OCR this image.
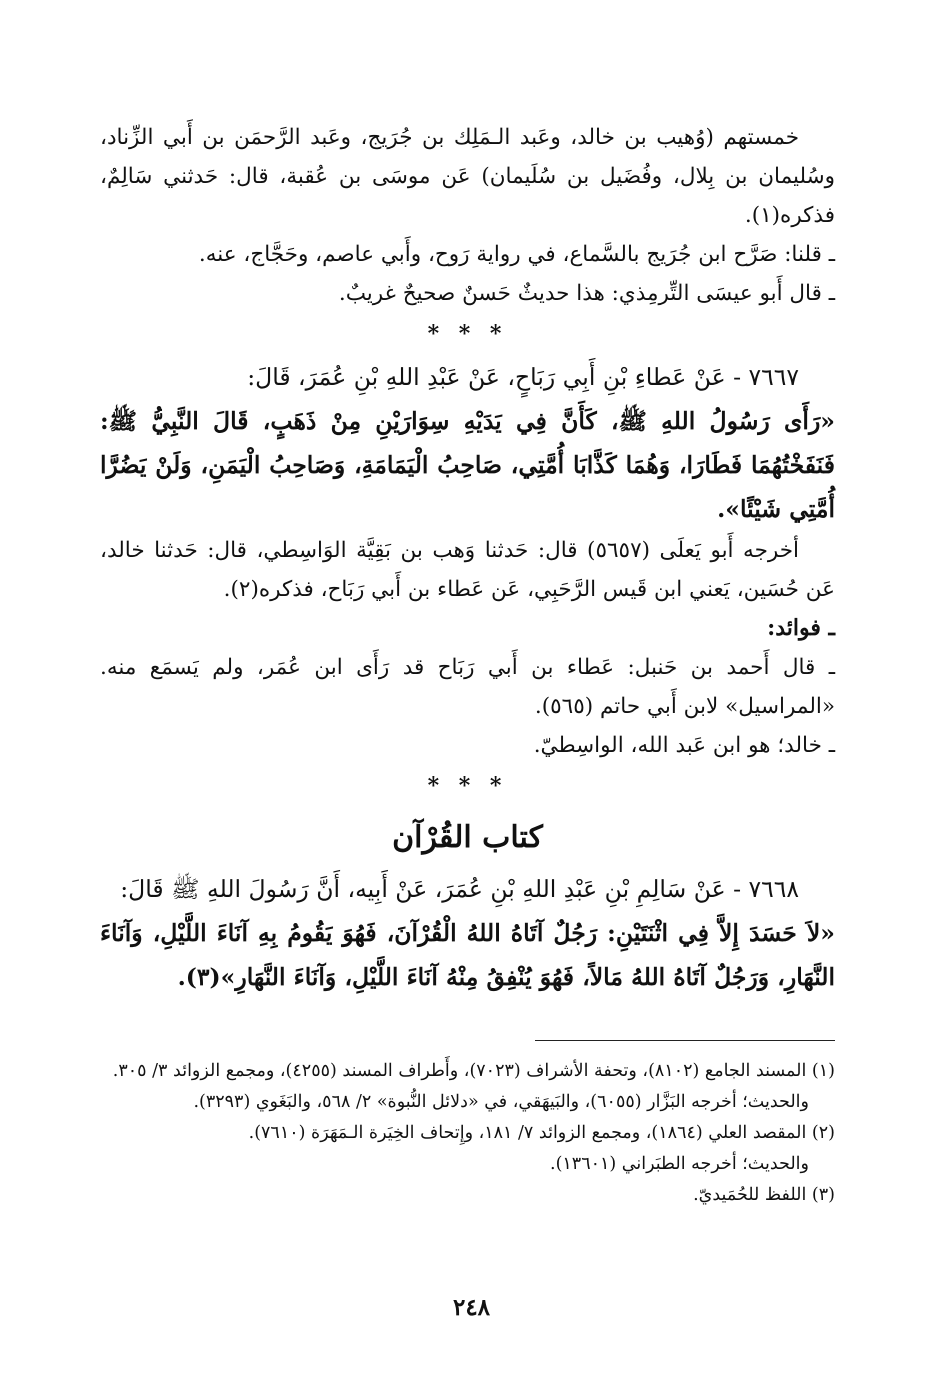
خمستهم (وُهيب بن خالد، وعَبد الـمَلِك بن جُرَيج، وعَبد الرَّحمَن بن أَبي الزِّناد، وسُليمان بن بِلال، وفُضَيل بن سُلَيمان) عَن موسَى بن عُقبة، قال: حَدثني سَالِمٌ، فذكره(١).

ـ قلنا: صَرَّح ابن جُرَيج بالسَّماع، في رواية رَوح، وأَبي عاصم، وحَجَّاج، عنه.

ـ قال أَبو عيسَى التِّرمِذي: هذا حديثٌ حَسنٌ صحيحٌ غريبٌ.

* * *

٧٦٦٧ - عَنْ عَطاءِ بْنِ أَبِي رَبَاحٍ، عَنْ عَبْدِ اللهِ بْنِ عُمَرَ، قَالَ:

«رَأَى رَسُولُ اللهِ ﷺ، كَأَنَّ فِي يَدَيْهِ سِوَارَيْنِ مِنْ ذَهَبٍ، قَالَ النَّبِيُّ ﷺ: فَنَفَخْتُهُمَا فَطَارَا، وَهُمَا كَذَّابَا أُمَّتِي، صَاحِبُ الْيَمَامَةِ، وَصَاحِبُ الْيَمَنِ، وَلَنْ يَضُرَّا أُمَّتِي شَيْئًا».

أخرجه أَبو يَعلَى (٥٦٥٧) قال: حَدثنا وَهب بن بَقِيَّة الوَاسِطي، قال: حَدثنا خالد، عَن حُسَين، يَعني ابن قَيس الرَّحَبِي، عَن عَطاء بن أَبي رَبَاح، فذكره(٢).

ـ فوائد:

ـ قال أَحمد بن حَنبل: عَطاء بن أَبي رَبَاح قد رَأَى ابن عُمَر، ولم يَسمَع منه. «المراسيل» لابن أَبي حاتم (٥٦٥).

ـ خالد؛ هو ابن عَبد الله، الواسِطيّ.

* * *

كتاب القُرْآن

٧٦٦٨ - عَنْ سَالِمِ بْنِ عَبْدِ اللهِ بْنِ عُمَرَ، عَنْ أَبِيه، أَنَّ رَسُولَ اللهِ ﷺ قَالَ:

«لاَ حَسَدَ إِلاَّ فِي اثْنَتَيْنِ: رَجُلٌ آتَاهُ اللهُ الْقُرْآنَ، فَهُوَ يَقُومُ بِهِ آنَاءَ اللَّيْلِ، وَآنَاءَ النَّهَارِ، وَرَجُلٌ آتَاهُ اللهُ مَالاً، فَهُوَ يُنْفِقُ مِنْهُ آنَاءَ اللَّيْلِ، وَآنَاءَ النَّهَارِ»(٣).

(١) المسند الجامع (٨١٠٢)، وتحفة الأشراف (٧٠٢٣)، وأَطراف المسند (٤٢٥٥)، ومجمع الزوائد ٣/ ٣٠٥.

والحديث؛ أخرجه البَزَّار (٦٠٥٥)، والبَيهَقي، في «دلائل النُّبوة» ٢/ ٥٦٨، والبَغَوي (٣٢٩٣).

(٢) المقصد العلي (١٨٦٤)، ومجمع الزوائد ٧/ ١٨١، وإِتحاف الخِيَرة الـمَهَرَة (٧٦١٠).

والحديث؛ أخرجه الطبَراني (١٣٦٠١).

(٣) اللفظ للحُمَيديّ.

٢٤٨
